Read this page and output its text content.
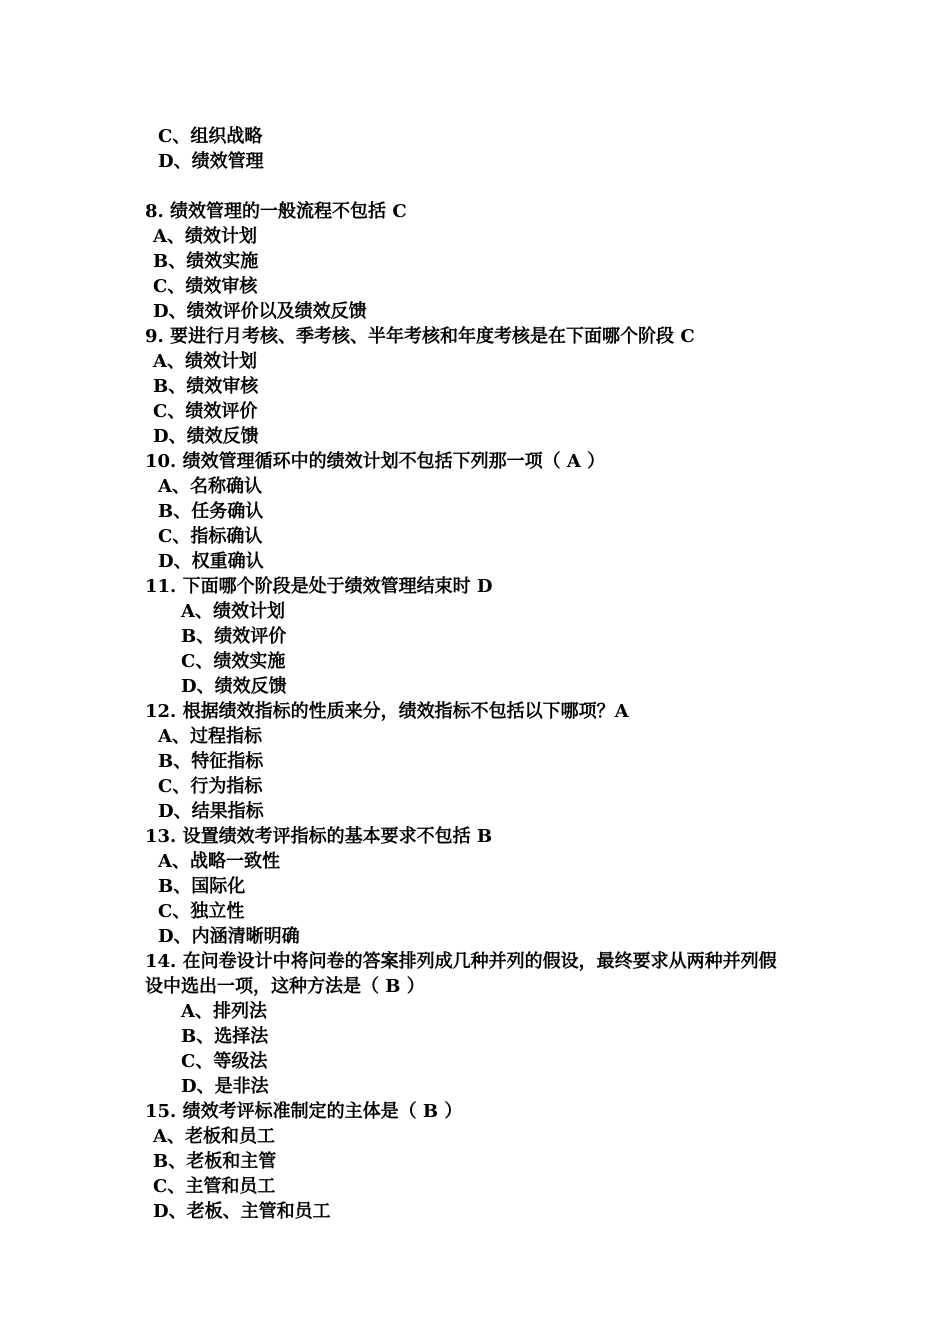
C、组织战略
D、绩效管理
8. 绩效管理的一般流程不包括 C
A、绩效计划
B、绩效实施
C、绩效审核
D、绩效评价以及绩效反馈
9. 要进行月考核、季考核、半年考核和年度考核是在下面哪个阶段 C
A、绩效计划
B、绩效审核
C、绩效评价
D、绩效反馈
10. 绩效管理循环中的绩效计划不包括下列那一项（ A ）
A、名称确认
B、任务确认
C、指标确认
D、权重确认
11. 下面哪个阶段是处于绩效管理结束时 D
A、绩效计划
B、绩效评价
C、绩效实施
D、绩效反馈
12. 根据绩效指标的性质来分，绩效指标不包括以下哪项？A
A、过程指标
B、特征指标
C、行为指标
D、结果指标
13. 设置绩效考评指标的基本要求不包括 B
A、战略一致性
B、国际化
C、独立性
D、内涵清晰明确
14. 在问卷设计中将问卷的答案排列成几种并列的假设，最终要求从两种并列假
设中选出一项，这种方法是（ B ）
A、排列法
B、选择法
C、等级法
D、是非法
15. 绩效考评标准制定的主体是（ B ）
A、老板和员工
B、老板和主管
C、主管和员工
D、老板、主管和员工
